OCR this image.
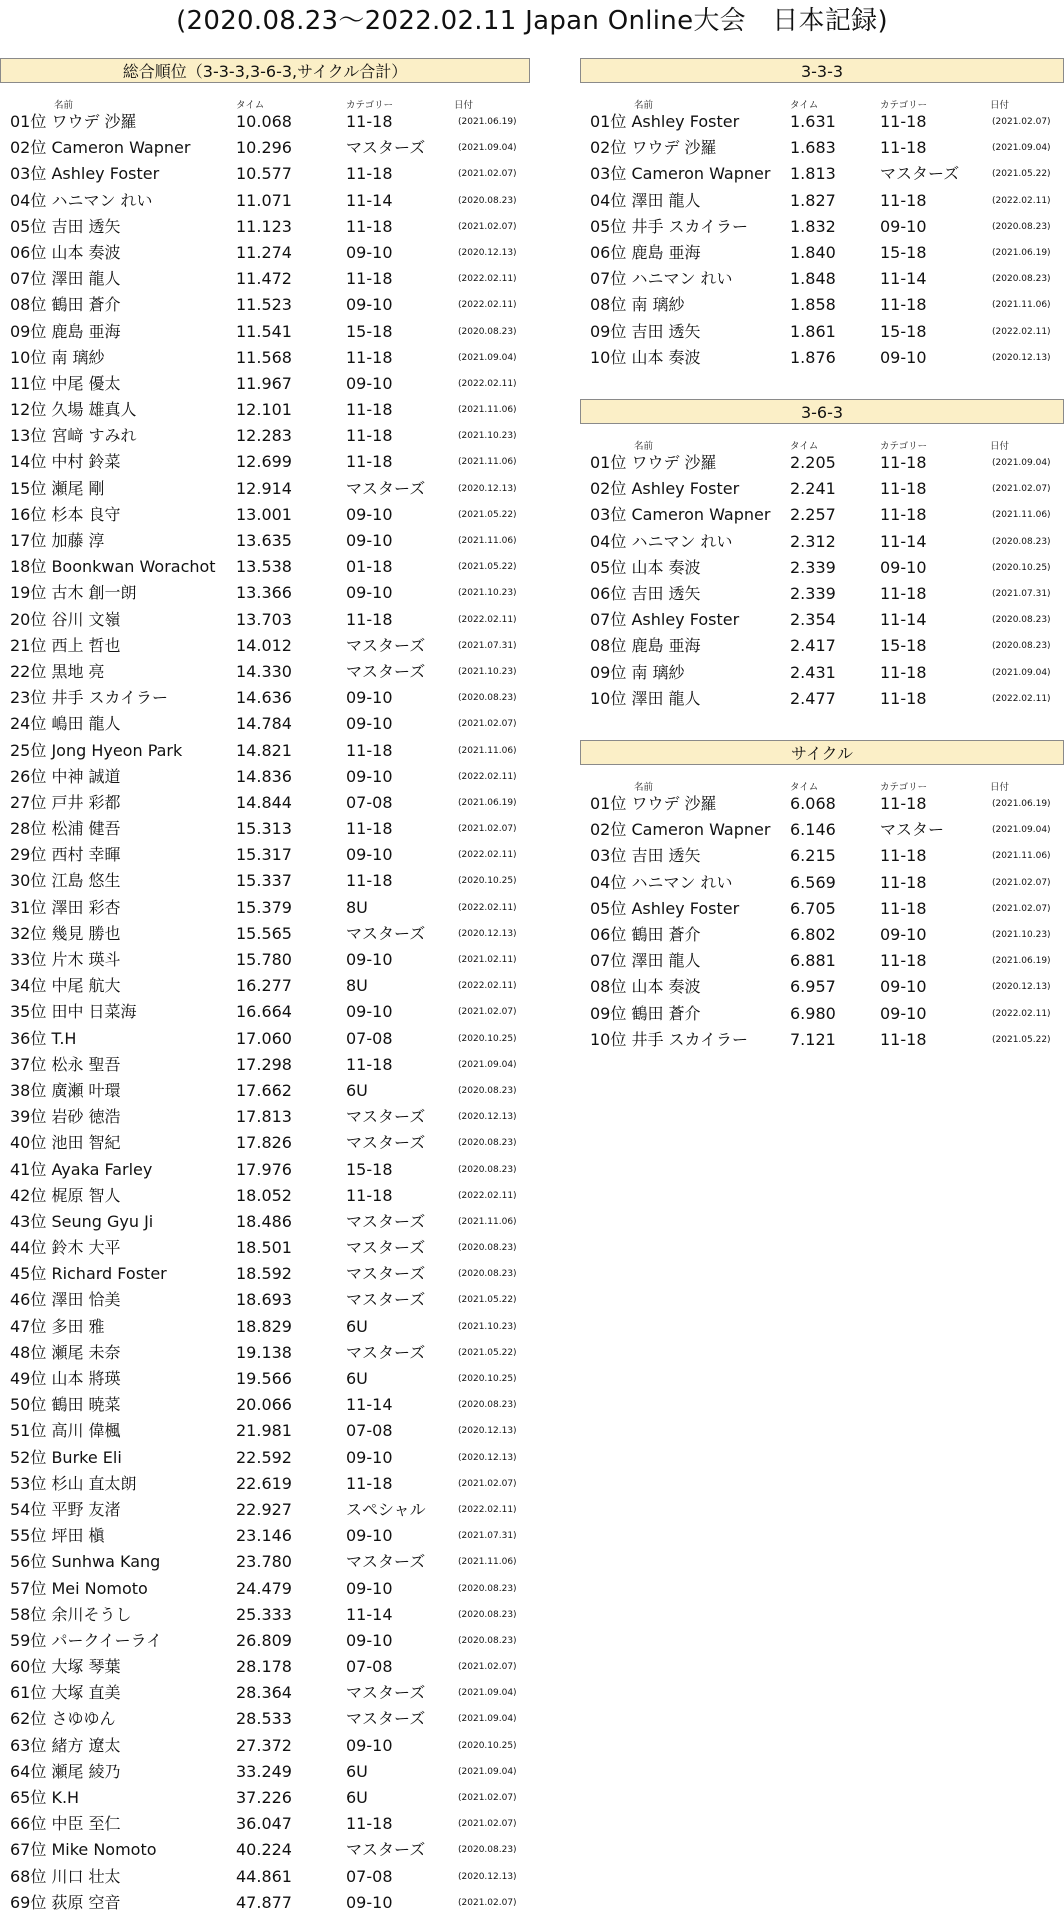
(2020.08.23〜2022.02.11 Japan Online大会　日本記録)
総合順位（3-3-3,3-6-3,サイクル合計）
名前	タイム	カテゴリー	日付
01位 ワウデ 沙羅	10.068	11-18	(2021.06.19)
02位 Cameron Wapner	10.296	マスターズ	(2021.09.04)
03位 Ashley Foster	10.577	11-18	(2021.02.07)
04位 ハニマン れい	11.071	11-14	(2020.08.23)
05位 吉田 透矢	11.123	11-18	(2021.02.07)
06位 山本 奏波	11.274	09-10	(2020.12.13)
07位 澤田 龍人	11.472	11-18	(2022.02.11)
08位 鶴田 蒼介	11.523	09-10	(2022.02.11)
09位 鹿島 亜海	11.541	15-18	(2020.08.23)
10位 南 璃紗	11.568	11-18	(2021.09.04)
11位 中尾 優太	11.967	09-10	(2022.02.11)
12位 久場 雄真人	12.101	11-18	(2021.11.06)
13位 宮﨑 すみれ	12.283	11-18	(2021.10.23)
14位 中村 鈴菜	12.699	11-18	(2021.11.06)
15位 瀬尾 剛	12.914	マスターズ	(2020.12.13)
16位 杉本 良守	13.001	09-10	(2021.05.22)
17位 加藤 淳	13.635	09-10	(2021.11.06)
18位 Boonkwan Worachot 13.538	01-18	(2021.05.22)
19位 古木 創一朗	13.366	09-10	(2021.10.23)
20位 谷川 文嶺	13.703	11-18	(2022.02.11)
21位 西上 哲也	14.012	マスターズ	(2021.07.31)
22位 黒地 亮	14.330	マスターズ	(2021.10.23)
23位 井手 スカイラー	14.636	09-10	(2020.08.23)
24位 嶋田 龍人	14.784	09-10	(2021.02.07)
25位 Jong Hyeon Park	14.821	11-18	(2021.11.06)
26位 中神 誠道	14.836	09-10	(2022.02.11)
27位 戸井 彩都	14.844	07-08	(2021.06.19)
28位 松浦 健吾	15.313	11-18	(2021.02.07)
29位 西村 幸暉	15.317	09-10	(2022.02.11)
30位 江島 悠生	15.337	11-18	(2020.10.25)
31位 澤田 彩杏	15.379	8U	(2022.02.11)
32位 幾見 勝也	15.565	マスターズ	(2020.12.13)
33位 片木 瑛斗	15.780	09-10	(2021.02.11)
34位 中尾 航大	16.277	8U	(2022.02.11)
35位 田中 日菜海	16.664	09-10	(2021.02.07)
36位 T.H	17.060	07-08	(2020.10.25)
37位 松永 聖吾	17.298	11-18	(2021.09.04)
38位 廣瀬 叶環	17.662	6U	(2020.08.23)
39位 岩砂 徳浩	17.813	マスターズ	(2020.12.13)
40位 池田 智紀	17.826	マスターズ	(2020.08.23)
41位 Ayaka Farley	17.976	15-18	(2020.08.23)
42位 梶原 智人	18.052	11-18	(2022.02.11)
43位 Seung Gyu Ji	18.486	マスターズ	(2021.11.06)
44位 鈴木 大平	18.501	マスターズ	(2020.08.23)
45位 Richard Foster	18.592	マスターズ	(2020.08.23)
46位 澤田 恰美	18.693	マスターズ	(2021.05.22)
47位 多田 雅	18.829	6U	(2021.10.23)
48位 瀬尾 未奈	19.138	マスターズ	(2021.05.22)
49位 山本 將瑛	19.566	6U	(2020.10.25)
50位 鶴田 暁菜	20.066	11-14	(2020.08.23)
51位 高川 偉楓	21.981	07-08	(2020.12.13)
52位 Burke Eli	22.592	09-10	(2020.12.13)
53位 杉山 直太朗	22.619	11-18	(2021.02.07)
54位 平野 友渚	22.927	スペシャル	(2022.02.11)
55位 坪田 槇	23.146	09-10	(2021.07.31)
56位 Sunhwa Kang	23.780	マスターズ	(2021.11.06)
57位 Mei Nomoto	24.479	09-10	(2020.08.23)
58位 余川そうし	25.333	11-14	(2020.08.23)
59位 パークイーライ	26.809	09-10	(2020.08.23)
60位 大塚 琴葉	28.178	07-08	(2021.02.07)
61位 大塚 直美	28.364	マスターズ	(2021.09.04)
62位 さゆゆん	28.533	マスターズ	(2021.09.04)
63位 緒方 遼太	27.372	09-10	(2020.10.25)
64位 瀬尾 綾乃	33.249	6U	(2021.09.04)
65位 K.H	37.226	6U	(2021.02.07)
66位 中臣 至仁	36.047	11-18	(2021.02.07)
67位 Mike Nomoto	40.224	マスターズ	(2020.08.23)
68位 川口 壮太	44.861	07-08	(2020.12.13)
69位 荻原 空音	47.877	09-10	(2021.02.07)
3-3-3
名前	タイム	カテゴリー	日付
01位 Ashley Foster	1.631	11-18	(2021.02.07)
02位 ワウデ 沙羅	1.683	11-18	(2021.09.04)
03位 Cameron Wapner 1.813	マスターズ	(2021.05.22)
04位 澤田 龍人	1.827	11-18	(2022.02.11)
05位 井手 スカイラー	1.832	09-10	(2020.08.23)
06位 鹿島 亜海	1.840	15-18	(2021.06.19)
07位 ハニマン れい	1.848	11-14	(2020.08.23)
08位 南 璃紗	1.858	11-18	(2021.11.06)
09位 吉田 透矢	1.861	15-18	(2022.02.11)
10位 山本 奏波	1.876	09-10	(2020.12.13)
3-6-3
名前	タイム	カテゴリー	日付
01位 ワウデ 沙羅	2.205	11-18	(2021.09.04)
02位 Ashley Foster	2.241	11-18	(2021.02.07)
03位 Cameron Wapner 2.257	11-18	(2021.11.06)
04位 ハニマン れい	2.312	11-14	(2020.08.23)
05位 山本 奏波	2.339	09-10	(2020.10.25)
06位 吉田 透矢	2.339	11-18	(2021.07.31)
07位 Ashley Foster	2.354	11-14	(2020.08.23)
08位 鹿島 亜海	2.417	15-18	(2020.08.23)
09位 南 璃紗	2.431	11-18	(2021.09.04)
10位 澤田 龍人	2.477	11-18	(2022.02.11)
サイクル
名前	タイム	カテゴリー	日付
01位 ワウデ 沙羅	6.068	11-18	(2021.06.19)
02位 Cameron Wapner 6.146	マスター	(2021.09.04)
03位 吉田 透矢	6.215	11-18	(2021.11.06)
04位 ハニマン れい	6.569	11-18	(2021.02.07)
05位 Ashley Foster	6.705	11-18	(2021.02.07)
06位 鶴田 蒼介	6.802	09-10	(2021.10.23)
07位 澤田 龍人	6.881	11-18	(2021.06.19)
08位 山本 奏波	6.957	09-10	(2020.12.13)
09位 鶴田 蒼介	6.980	09-10	(2022.02.11)
10位 井手 スカイラー	7.121	11-18	(2021.05.22)
